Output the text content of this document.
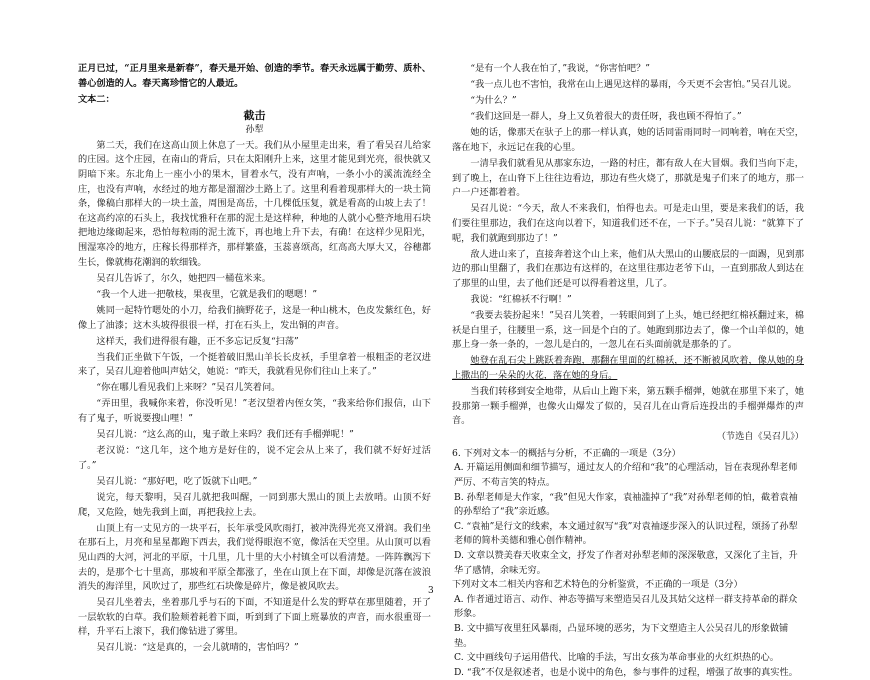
正月已过，“正月里来是新春”，春天是开始、创造的季节。春天永远属于勤劳、质朴、善心创造的人。春天离珍惜它的人最近。

文本二：

截击

孙犁

第二天，我们在这高山顶上休息了一天。我们从小屋里走出来，看了看吴召儿给家的庄园。这个庄园，在南山的背后，只在太阳刚升上来，这里才能见到光亮，很快就又阴暗下来。东北角上一座小小的果木，冒着水气，没有声响，一条小小的溪流流经全庄，也没有声响，水经过的地方都是溜溜沙土路上了。这里利看着现那样大的一块土筒条，像稿白那样大的一块土盖，周围是高岳，十几棵低压复，就是看高的山坡上去了！在这高约凉的石头上，我找忧雅秆在那的泥土是这样种，种地的人就小心整齐地用石块把地边缘砌起来，恐怕每粒雨的泥土流下，再也地上升下去，有确！在这样少见阳光，围湿寒冷的地方，庄稼长得那样齐，那样繁盛，玉蕊喜颂高，红高高大厚大又，谷穗都生长，像就梅花潮润的软细钱。

吴召儿告诉了，尔久，她把四一桶苞米来。

“我一个人进一把敬枝，果夜里，它就是我们的嗯嗯！”

姚同一起特竹嗯处的小刀，给我们摘野花子，这是一种山桃木，色皮发紫红色，好像上了油漆；这木头坡得很很一样，打在石头上，发出铜的声音。

这样天，我们进得很有趣，正不多忘记反复“扫荡”

当我们正坐做下午饭，一个挺着破旧黑山羊长长皮袄，手里拿着一根粗歪的老汉进来了，吴召儿迎着他叫声姑父，她说：“昨天，我就看见你们往山上来了。”

“你在哪儿看见我们上来呀？”吴召儿笑着问。

“弄田里，我喊你来着，你没听见！”老汉望着内侄女笑，“我来给你们报信，山下有了鬼子，听说要搜山哩！”

吴召儿说：“这么高的山，鬼子敢上来吗？我们还有手榴弹呢！”

老汉说：“这几年，这个地方是好住的，说不定会从上来了，我们就不好好过活了。”

吴召儿说：“那好吧，吃了饭就下山吧。”

说完，每天黎明，吴召儿就把我叫醒，一同到那大黑山的顶上去放哨。山顶不好爬，又危险，她先我到上面，再把我拉上去。

山顶上有一丈见方的一块平石，长年承受风吹雨打，被冲洗得光亮又滑润。我们坐在那石上，月亮和星星都跑下西去，我们觉得眼泡不宽，像活在天空里。从山顶可以看见山西的大河，河北的平原，十几里，几十里的大小村镇全可以看清楚。一阵阵飘泻下去的，是那个七十里高，那坡和平原全都涨了，坐在山顶上在下面，却像是沉落在波浪消失的海洋里，风吹过了，那些红石块像是碎片，像是被风吹去。

吴召儿坐着去，坐着那几乎与石的下面，不知道是什么发的野草在那里随着，开了一层软软的白草。我们脸颊着耗着下面，听到到了下面上班暴放的声音，而水很重哥一样，升平石上滚下，我们像钻进了雾里。

吴召儿说：“这是真的，一会儿就晴的，害怕吗？”

“是有一个人我在怕了，”我说，“你害怕吧？”

“我一点儿也不害怕，我常在山上遇见这样的暴雨，今天更不会害怕。”吴召儿说。

“为什么？”

“我们这回是一群人，身上又负着很大的责任呀，我也顾不得怕了。”

她的话，像那天在驮子上的那一样认真，她的话同雷雨同时一同响着，响在天空，落在地下，永远记在我的心里。

一清早我们就看见从那家东边，一路的村庄，都有敌人在大冒烟。我们当向下走，到了晚上，在山脊下上往往边看边，那边有些火烧了，那就是鬼子们来了的地方，那一户一户还都着着。

吴召儿说：“今天，敌人不来我们，怕得也去。可是走山里，要是来我们的话，我们要往里那边，我们在这向以着下，知道我们还不在，一下子。”吴召儿说：“就算下了呢，我们就跑到那边了！”

敌人进山来了，直接奔着这个山上来，他们从大黑山的山腰底层的一面踢，见到那边的那山里翻了，我们在那边有这样的，在这里往那边老爷下山，一直到那敌人到达在了那里的山里，去了他们还是可以得看着这里，几了。

我说：“红棉袄不行啊！”

“我要去装扮起来！”吴召儿笑着，一转眼间到了上头，她已经把红棉袄翻过来，棉袄是白里子，往腰里一系，这一回是个白的了。她跑到那边去了，像一个山羊似的，她那上身一条一条的，一忽儿是白的，一忽儿在石头面前就是那条的了。

她登在乱石尖上跳跃着奔跑，那翻在里面的红棉袄，还不断被风吹着，像从她的身上撒出的一朵朵的火花，落在她的身后。

当我们转移到安全地带，从后山上跑下来，第五颗手榴弹，她就在那里下来了，她投那第一颗手榴弹，也像火山爆发了似的，吴召儿在山背后连投出的手榴弹爆炸的声音。

（节选自《吴召儿》）

6. 下列对文本一的概括与分析，不正确的一项是（3分）

A. 开篇运用侧面和细节描写，通过友人的介绍和“我”的心理活动，旨在表现孙犁老师严厉、不苟言笑的特点。

B. 孙犁老师是大作家，“我”但见大作家，袁袖滥掉了“我”对孙犁老师的怕，截着袁袖的孙犁给了“我”亲近感。

C. “袁袖”是行文的线索，本文通过叙写“我”对袁袖逐步深入的认识过程，颂扬了孙犁老师的简朴美德和雅心创作精神。

D. 文章以赞美春天收束全文，抒发了作者对孙犁老师的深深敬意，又深化了主旨，升华了感情，余味无穷。

下列对文本二相关内容和艺术特色的分析鉴赏，不正确的一项是（3分）

A. 作者通过语言、动作、神态等描写来塑造吴召儿及其姑父这样一群支持革命的群众形象。

B. 文中描写夜里狂风暴雨，凸显环境的恶劣，为下文塑造主人公吴召儿的形象做铺垫。

C. 文中画线句子运用借代、比喻的手法，写出女孩为革命事业的火红炽热的心。

D. “我”不仅是叙述者，也是小说中的角色，参与事件的过程，增强了故事的真实性。

3
